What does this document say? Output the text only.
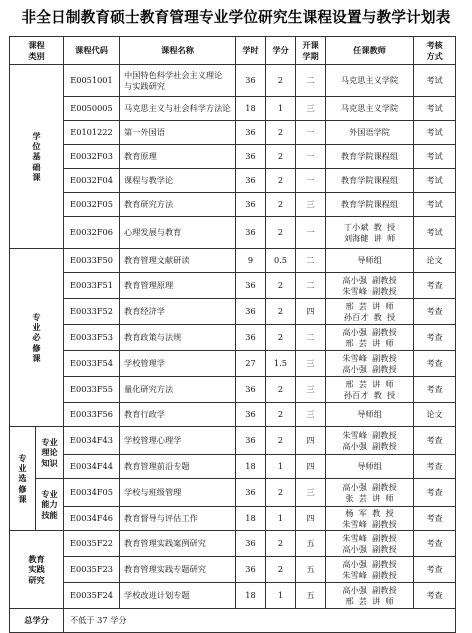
非全日制教育硕士教育管理专业学位研究生课程设置与教学计划表
课程
类别		课程代码	课程名称	学时	学分	开课
学期	任课教师	考核
方式
学
位
基
础
课		E0051001	中国特色科学社会主义理论
与实践研究	36	2	二	马克思主义学院	考试
		E0050005	马克思主义与社会科学方法论	18	1	三	马克思主义学院	考试
		E0101222	第一外国语	36	2	一	外国语学院	考试
		E0032F03	教育原理	36	2	一	教育学院课程组	考试
		E0032F04	课程与教学论	36	2	一	教育学院课程组	考试
		E0032F05	教育研究方法	36	2	三	教育学院课程组	考试
		E0032F06	心理发展与教育	36	2	一	丁小斌  教  授
刘海健  讲  师	考试
专
业
必
修
课		E0033F50	教育管理文献研读	9	0.5	二	导师组	论文
		E0033F51	教育管理原理	36	2	二	高小强  副教授
朱雪峰  副教授	考查
		E0033F52	教育经济学	36	2	四	邢  芸  讲  师
孙百才  教  授	考查
		E0033F53	教育政策与法规	36	2	二	高小强  副教授
邢  芸  讲  师	考查
		E0033F54	学校管理学	27	1.5	三	朱雪峰  副教授
高小强  副教授	考查
		E0033F55	量化研究方法	36	2	三	邢  芸  讲  师
孙百才  教  授	考查
		E0033F56	教育行政学	36	2	三	导师组	论文
专
业
选
修
课	专业
理论
知识	E0034F43	学校管理心理学	36	2	四	朱雪峰  副教授
高小强  副教授	考查
		E0034F44	教育管理前沿专题	18	1	四	导师组	考查
	专业
能力
技能	E0034F05	学校与班级管理	36	2	三	高小强  副教授
张  芸  讲  师	考查
		E0034F46	教育督导与评估工作	18	1	四	杨  军  教  授
朱雪峰  副教授	考查
教育
实践
研究		E0035F22	教育管理实践案例研究	36	2	五	朱雪峰  副教授
高小强  副教授	考查
		E0035F23	教育管理实践专题研究	36	2	五	高小强  副教授
朱雪峰  副教授	考查
		E0035F24	学校改进计划专题	18	1	五	高小强  副教授
邢  芸  讲  师	考查
总学分		不低于 37 学分						
